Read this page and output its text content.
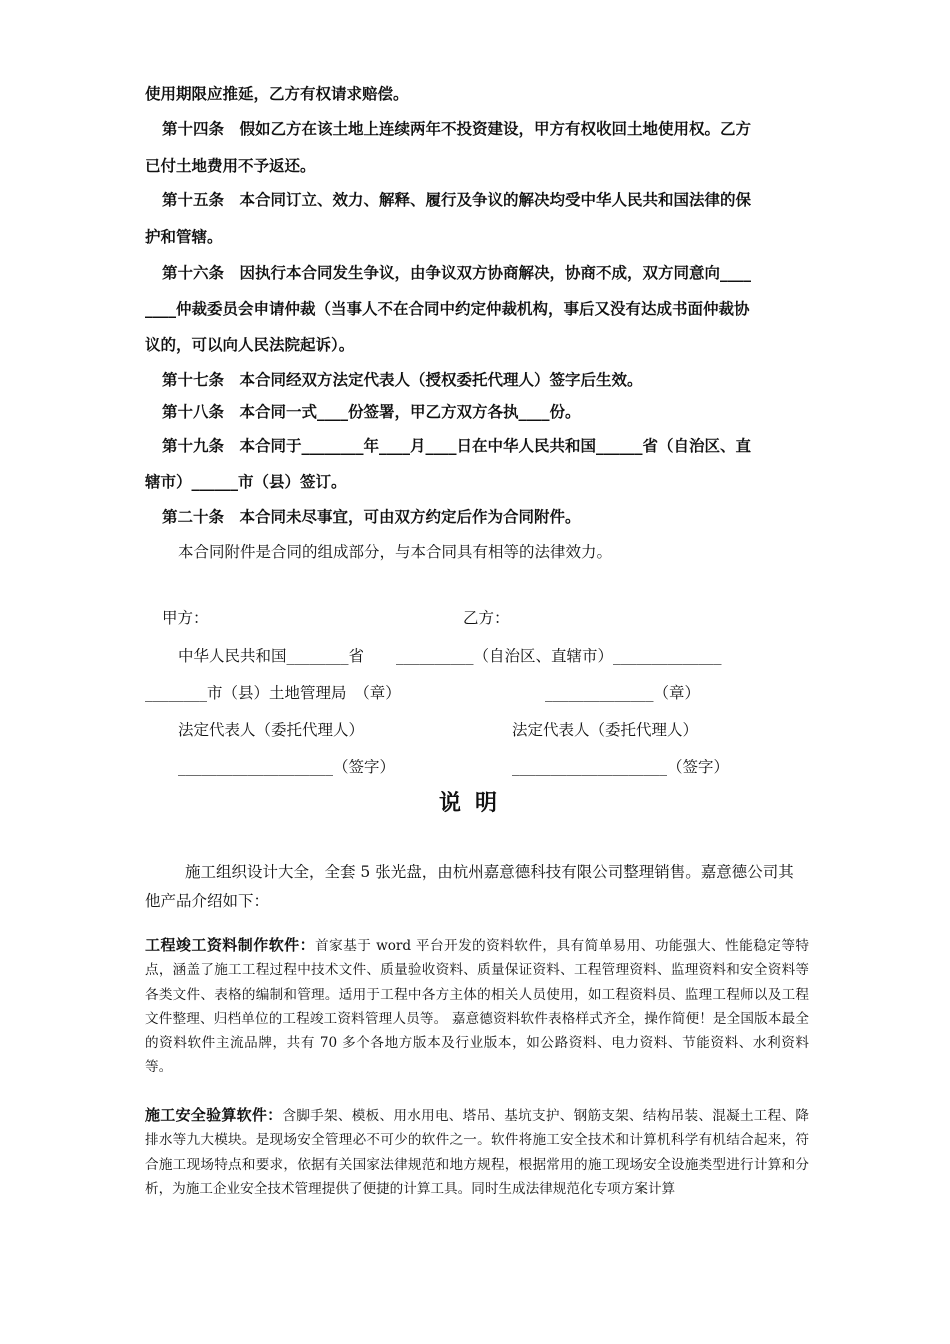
使用期限应推延，乙方有权请求赔偿。
第十四条　假如乙方在该土地上连续两年不投资建设，甲方有权收回土地使用权。乙方
已付土地费用不予返还。
第十五条　本合同订立、效力、解释、履行及争议的解决均受中华人民共和国法律的保
护和管辖。
第十六条　因执行本合同发生争议，由争议双方协商解决，协商不成，双方同意向____
____仲裁委员会申请仲裁（当事人不在合同中约定仲裁机构，事后又没有达成书面仲裁协
议的，可以向人民法院起诉）。
第十七条　本合同经双方法定代表人（授权委托代理人）签字后生效。
第十八条　本合同一式____份签署，甲乙方双方各执____份。
第十九条　本合同于________年____月____日在中华人民共和国______省（自治区、直
辖市）______市（县）签订。
第二十条　本合同未尽事宜，可由双方约定后作为合同附件。
本合同附件是合同的组成部分，与本合同具有相等的法律效力。
甲方：	乙方：
中华人民共和国________省 __________（自治区、直辖市）______________
________市（县）土地管理局　（章）	______________（章）
法定代表人（委托代理人）	法定代表人（委托代理人）
____________________（签字）	____________________（签字）
说明
施工组织设计大全，全套 5 张光盘，由杭州嘉意德科技有限公司整理销售。嘉意德公司其他产品介绍如下：
工程竣工资料制作软件：首家基于 word 平台开发的资料软件，具有简单易用、功能强大、性能稳定等特点，涵盖了施工工程过程中技术文件、质量验收资料、质量保证资料、工程管理资料、监理资料和安全资料等各类文件、表格的编制和管理。适用于工程中各方主体的相关人员使用，如工程资料员、监理工程师以及工程文件整理、归档单位的工程竣工资料管理人员等。 嘉意德资料软件表格样式齐全，操作简便！是全国版本最全的资料软件主流品牌，共有 70 多个各地方版本及行业版本，如公路资料、电力资料、节能资料、水利资料等。
施工安全验算软件：含脚手架、模板、用水用电、塔吊、基坑支护、钢筋支架、结构吊装、混凝土工程、降排水等九大模块。是现场安全管理必不可少的软件之一。软件将施工安全技术和计算机科学有机结合起来，符合施工现场特点和要求，依据有关国家法律规范和地方规程，根据常用的施工现场安全设施类型进行计算和分析，为施工企业安全技术管理提供了便捷的计算工具。同时生成法律规范化专项方案计算
